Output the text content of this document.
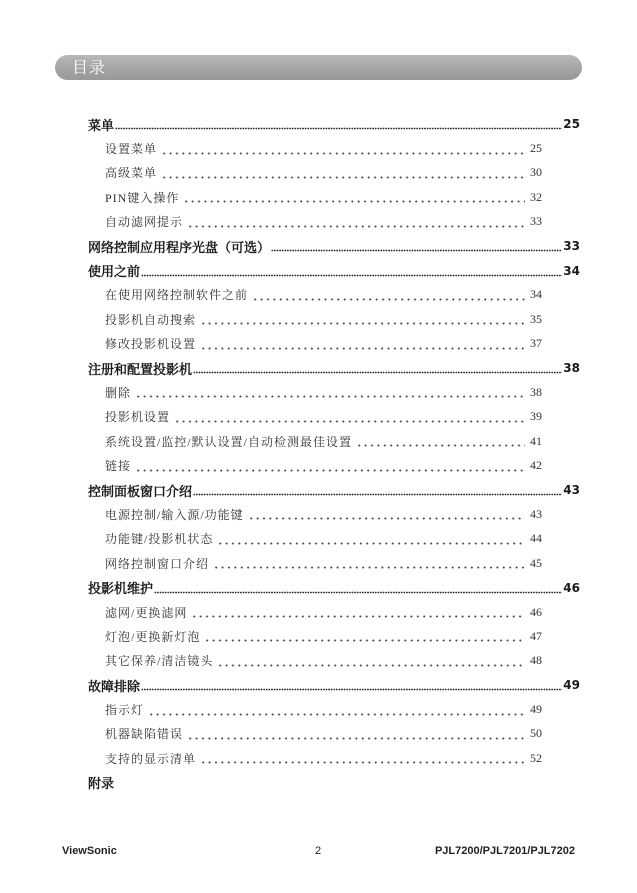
目录
菜单	25
设置菜单	25
高级菜单	30
PIN键入操作	32
自动滤网提示	33
网络控制应用程序光盘（可选）	33
使用之前	34
在使用网络控制软件之前	34
投影机自动搜索	35
修改投影机设置	37
注册和配置投影机	38
删除	38
投影机设置	39
系统设置/监控/默认设置/自动检测最佳设置	41
链接	42
控制面板窗口介绍	43
电源控制/输入源/功能键	43
功能键/投影机状态	44
网络控制窗口介绍	45
投影机维护	46
滤网/更换滤网	46
灯泡/更换新灯泡	47
其它保养/清洁镜头	48
故障排除	49
指示灯	49
机器缺陷错误	50
支持的显示清单	52
附录
ViewSonic	2	PJL7200/PJL7201/PJL7202
